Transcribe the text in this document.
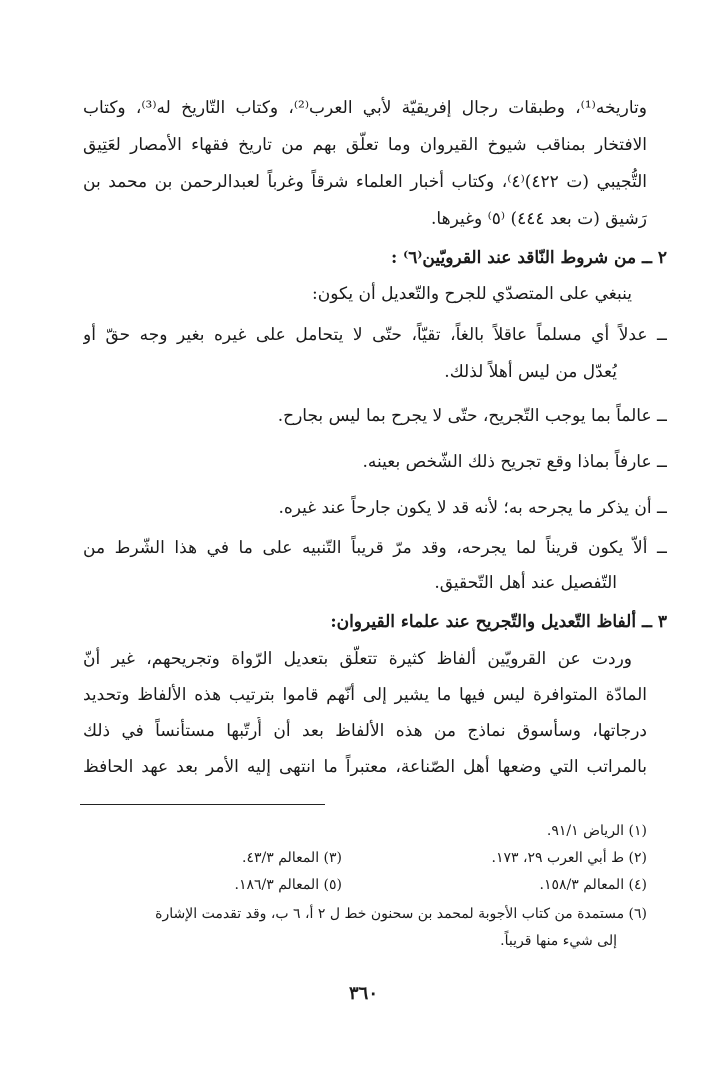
وتاريخه⁽¹⁾، وطبقات رجال إفريقيّة لأبي العرب⁽²⁾، وكتاب التّاريخ له⁽³⁾، وكتاب
الافتخار بمناقب شيوخ القيروان وما تعلّق بهم من تاريخ فقهاء الأمصار لعَتِيق
التُّجيبي (ت ٤٢٢)⁽٤⁾، وكتاب أخبار العلماء شرقاً وغرباً لعبدالرحمن بن محمد بن
رَشيق (ت بعد ٤٤٤) ⁽٥⁾ وغيرها.
٢ ــ من شروط النّاقد عند القرويّين⁽٦⁾ :
ينبغي على المتصدّي للجرح والتّعديل أن يكون:
ــ عدلاً أي مسلماً عاقلاً بالغاً، تقيّاً، حتّى لا يتحامل على غيره بغير وجه حقّ أو
يُعدّل من ليس أهلاً لذلك.
ــ عالماً بما يوجب التّجريح، حتّى لا يجرح بما ليس بجارح.
ــ عارفاً بماذا وقع تجريح ذلك الشّخص بعينه.
ــ أن يذكر ما يجرحه به؛ لأنه قد لا يكون جارحاً عند غيره.
ــ ألاّ يكون قريناً لما يجرحه، وقد مرّ قريباً التّنبيه على ما في هذا الشّرط من
التّفصيل عند أهل التّحقيق.
٣ ــ ألفاظ التّعديل والتّجريح عند علماء القيروان:
وردت عن القرويّين ألفاظ كثيرة تتعلّق بتعديل الرّواة وتجريحهم، غير أنّ
المادّة المتوافرة ليس فيها ما يشير إلى أنّهم قاموا بترتيب هذه الألفاظ وتحديد
درجاتها، وسأسوق نماذج من هذه الألفاظ بعد أن أُرتّبها مستأنساً في ذلك
بالمراتب التي وضعها أهل الصّناعة، معتبراً ما انتهى إليه الأمر بعد عهد الحافظ
(١) الرياض ٩١/١.
(٢) ط أبي العرب ٢٩، ١٧٣.
(٣) المعالم ٤٣/٣.
(٤) المعالم ١٥٨/٣.
(٥) المعالم ١٨٦/٣.
(٦) مستمدة من كتاب الأجوبة لمحمد بن سحنون خط ل ٢ أ، ٦ ب، وقد تقدمت الإشارة
إلى شيء منها قريباً.
٣٦٠
